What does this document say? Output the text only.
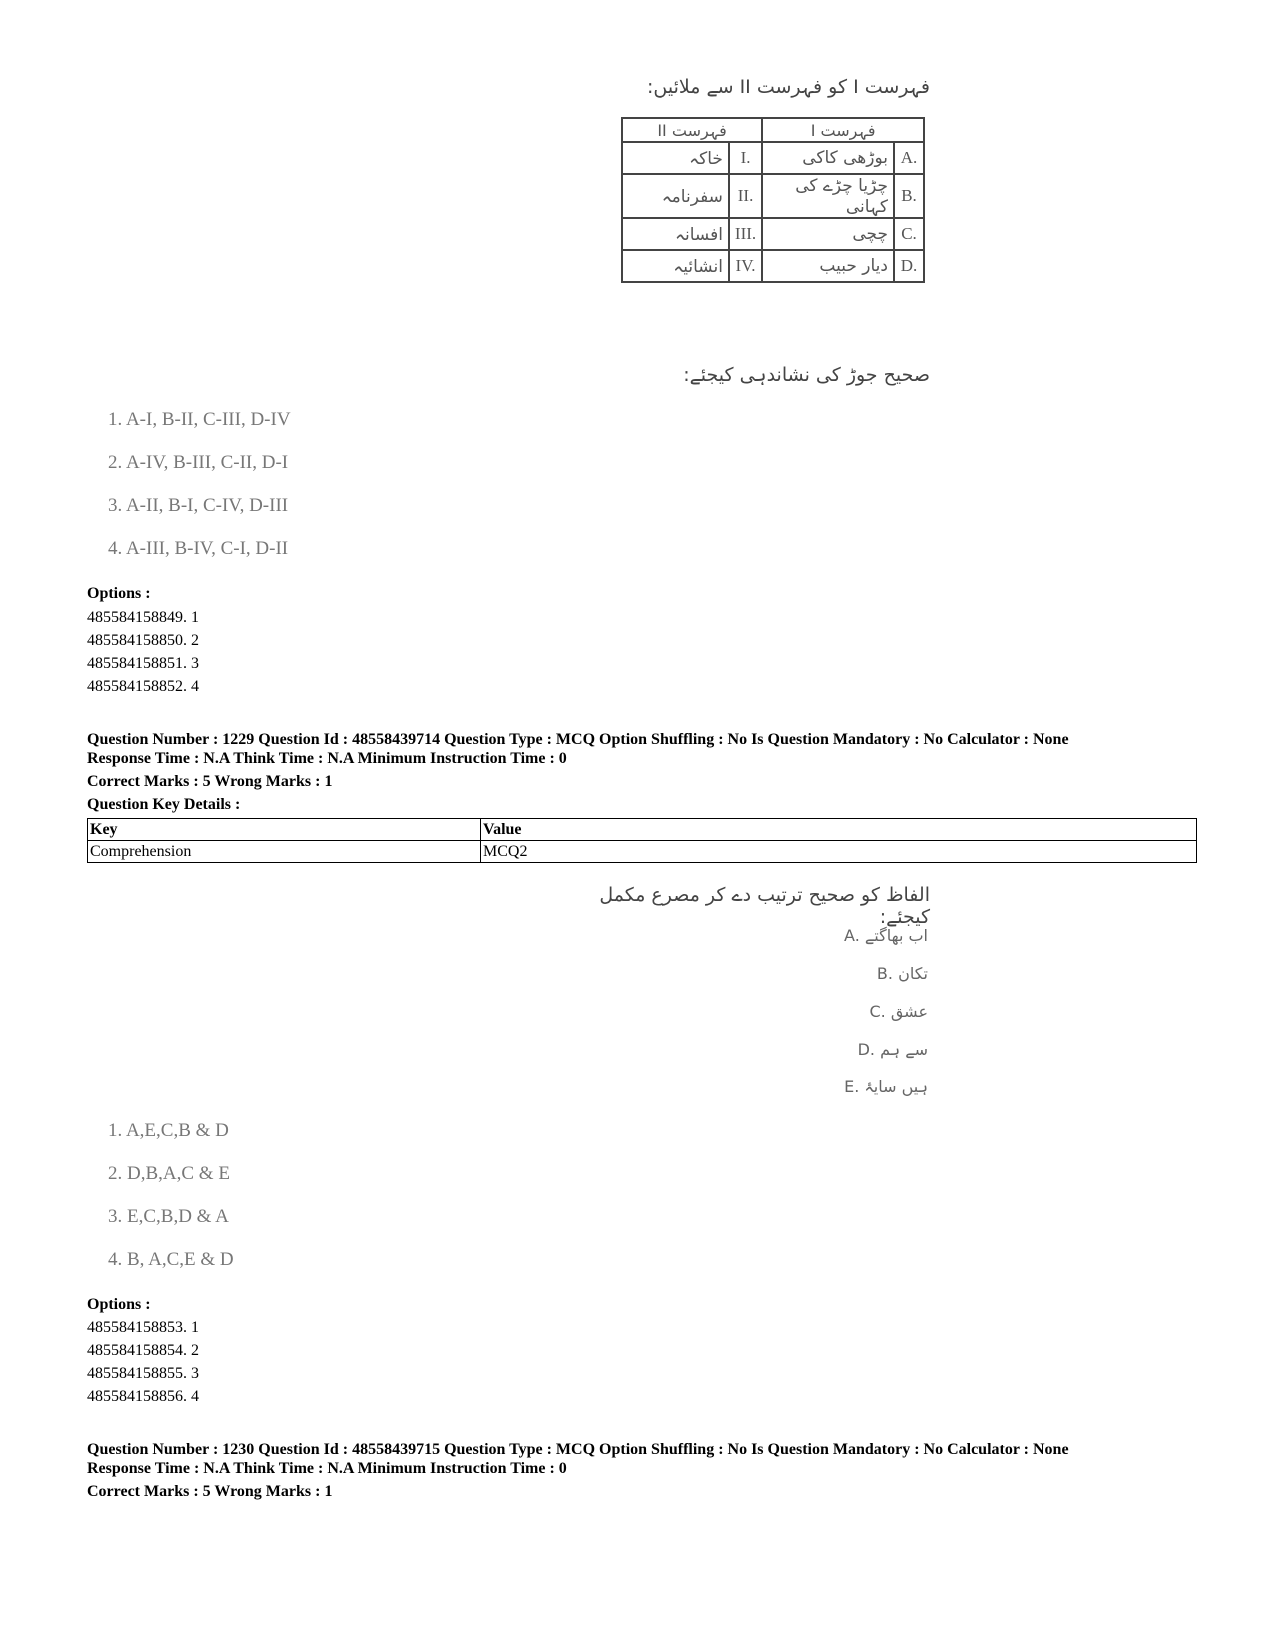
فہرست I کو فہرست II سے ملائیں:
فہرست II		فہرست I	
خاکہ	I.	بوڑھی کاکی	A.
سفرنامہ	II.	چڑیا چڑے کی کہانی	B.
افسانہ	III.	چچی	C.
انشائیہ	IV.	دیار حبیب	D.
صحیح جوڑ کی نشاندہی کیجئے:
1. A-I, B-II, C-III, D-IV
2. A-IV, B-III, C-II, D-I
3. A-II, B-I, C-IV, D-III
4. A-III, B-IV, C-I, D-II
Options :
485584158849. 1
485584158850. 2
485584158851. 3
485584158852. 4
Question Number : 1229 Question Id : 48558439714 Question Type : MCQ Option Shuffling : No Is Question Mandatory : No Calculator : None
Response Time : N.A Think Time : N.A Minimum Instruction Time : 0
Correct Marks : 5 Wrong Marks : 1
Question Key Details :
Key	Value
Comprehension	MCQ2
الفاظ کو صحیح ترتیب دے کر مصرع مکمل کیجئے:
A. اب بھاگتے
B. تکان
C. عشق
D. سے ہم
E. ہیں سایۂ
1. A,E,C,B & D
2. D,B,A,C & E
3. E,C,B,D & A
4. B, A,C,E & D
Options :
485584158853. 1
485584158854. 2
485584158855. 3
485584158856. 4
Question Number : 1230 Question Id : 48558439715 Question Type : MCQ Option Shuffling : No Is Question Mandatory : No Calculator : None
Response Time : N.A Think Time : N.A Minimum Instruction Time : 0
Correct Marks : 5 Wrong Marks : 1
